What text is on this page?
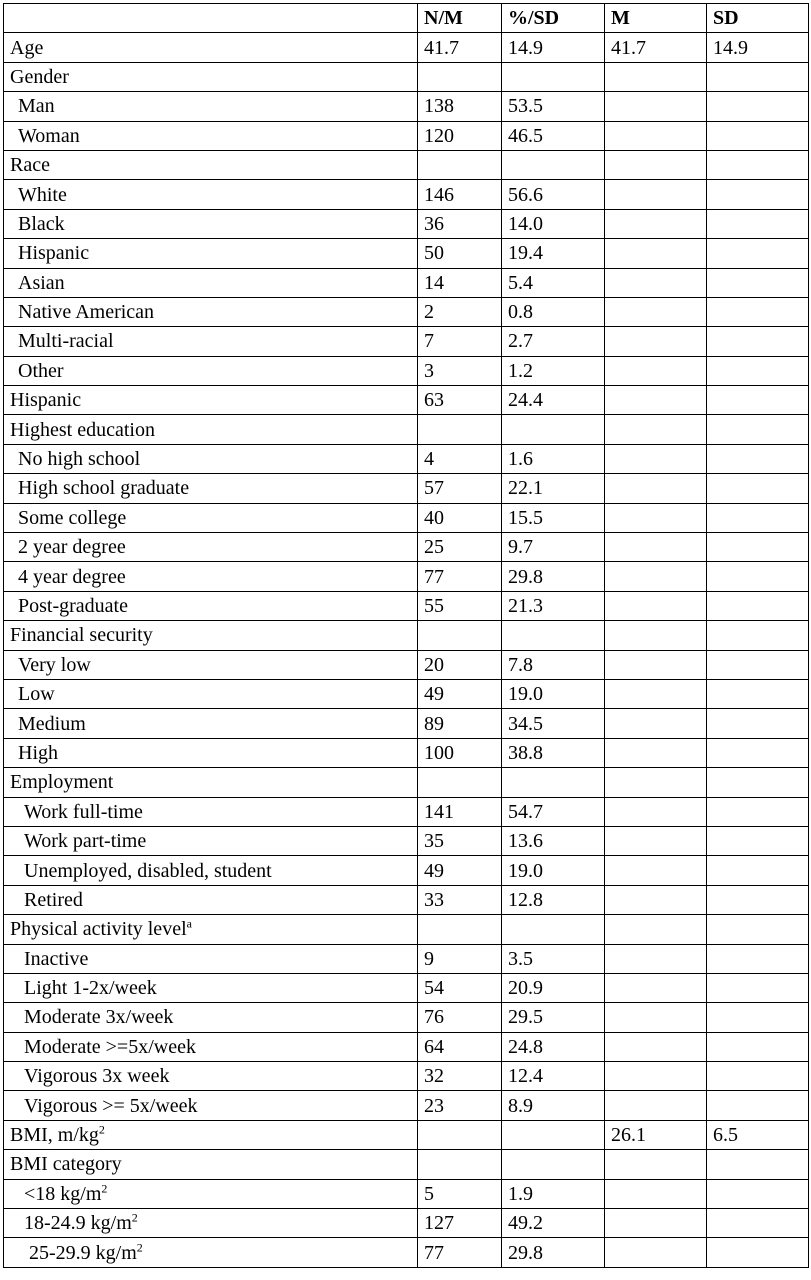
	N/M	%/SD	M	SD
Age	41.7	14.9	41.7	14.9
Gender				
Man	138	53.5		
Woman	120	46.5		
Race				
White	146	56.6		
Black	36	14.0		
Hispanic	50	19.4		
Asian	14	5.4		
Native American	2	0.8		
Multi-racial	7	2.7		
Other	3	1.2		
Hispanic	63	24.4		
Highest education				
No high school	4	1.6		
High school graduate	57	22.1		
Some college	40	15.5		
2 year degree	25	9.7		
4 year degree	77	29.8		
Post-graduate	55	21.3		
Financial security				
Very low	20	7.8		
Low	49	19.0		
Medium	89	34.5		
High	100	38.8		
Employment				
Work full-time	141	54.7		
Work part-time	35	13.6		
Unemployed, disabled, student	49	19.0		
Retired	33	12.8		
Physical activity level$^a$				
Inactive	9	3.5		
Light 1-2x/week	54	20.9		
Moderate 3x/week	76	29.5		
Moderate >=5x/week	64	24.8		
Vigorous 3x week	32	12.4		
Vigorous >= 5x/week	23	8.9		
BMI, $m/kg^2$			26.1	6.5
BMI category				
<18 $kg/m^2$	5	1.9		
18-24.9 $kg/m^2$	127	49.2		
25-29.9 $kg/m^2$	77	29.8		
